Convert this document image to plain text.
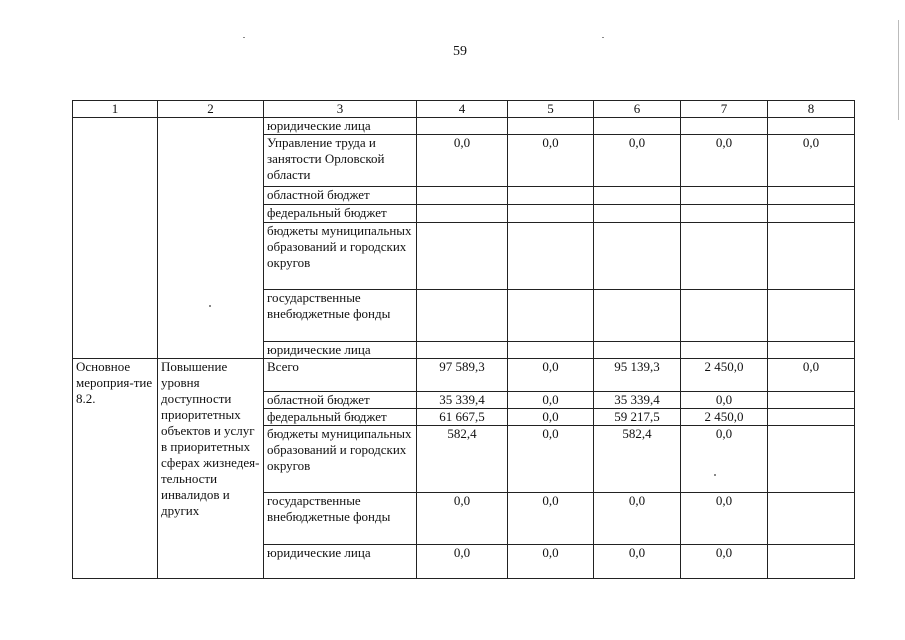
59
1	2	3	4	5	6	7	8
		юридические лица					
		Управление труда и занятости Орловской области	0,0	0,0	0,0	0,0	0,0
		областной бюджет					
		федеральный бюджет					
		бюджеты муниципальных образований и городских округов					
		государственные внебюджетные фонды					
		юридические лица					
Основное мероприя-тие 8.2.	Повышение уровня доступности приоритетных объектов и услуг в приоритетных сферах жизнедея-тельности инвалидов и других	Всего	97 589,3	0,0	95 139,3	2 450,0	0,0
		областной бюджет	35 339,4	0,0	35 339,4	0,0	
		федеральный бюджет	61 667,5	0,0	59 217,5	2 450,0	
		бюджеты муниципальных образований и городских округов	582,4	0,0	582,4	0,0	
		государственные внебюджетные фонды	0,0	0,0	0,0	0,0	
		юридические лица	0,0	0,0	0,0	0,0	
